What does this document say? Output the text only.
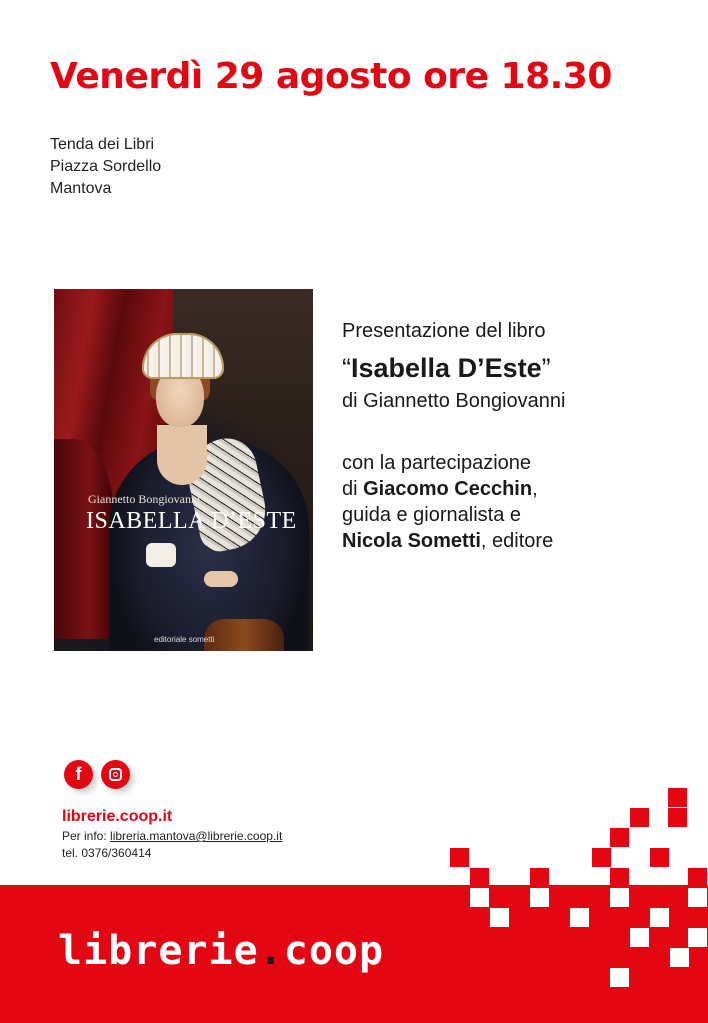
Venerdì 29 agosto ore 18.30
Tenda dei Libri
Piazza Sordello
Mantova

Giannetto Bongiovanni

ISABELLA D’ESTE

editoriale sometti
Presentazione del libro
“Isabella D’Este”
di Giannetto Bongiovanni
con la partecipazione
di Giacomo Cecchin,
guida e giornalista e
Nicola Sometti, editore
f
librerie.coop.it
Per info: libreria.mantova@librerie.coop.it
tel. 0376/360414

librerie.coop
